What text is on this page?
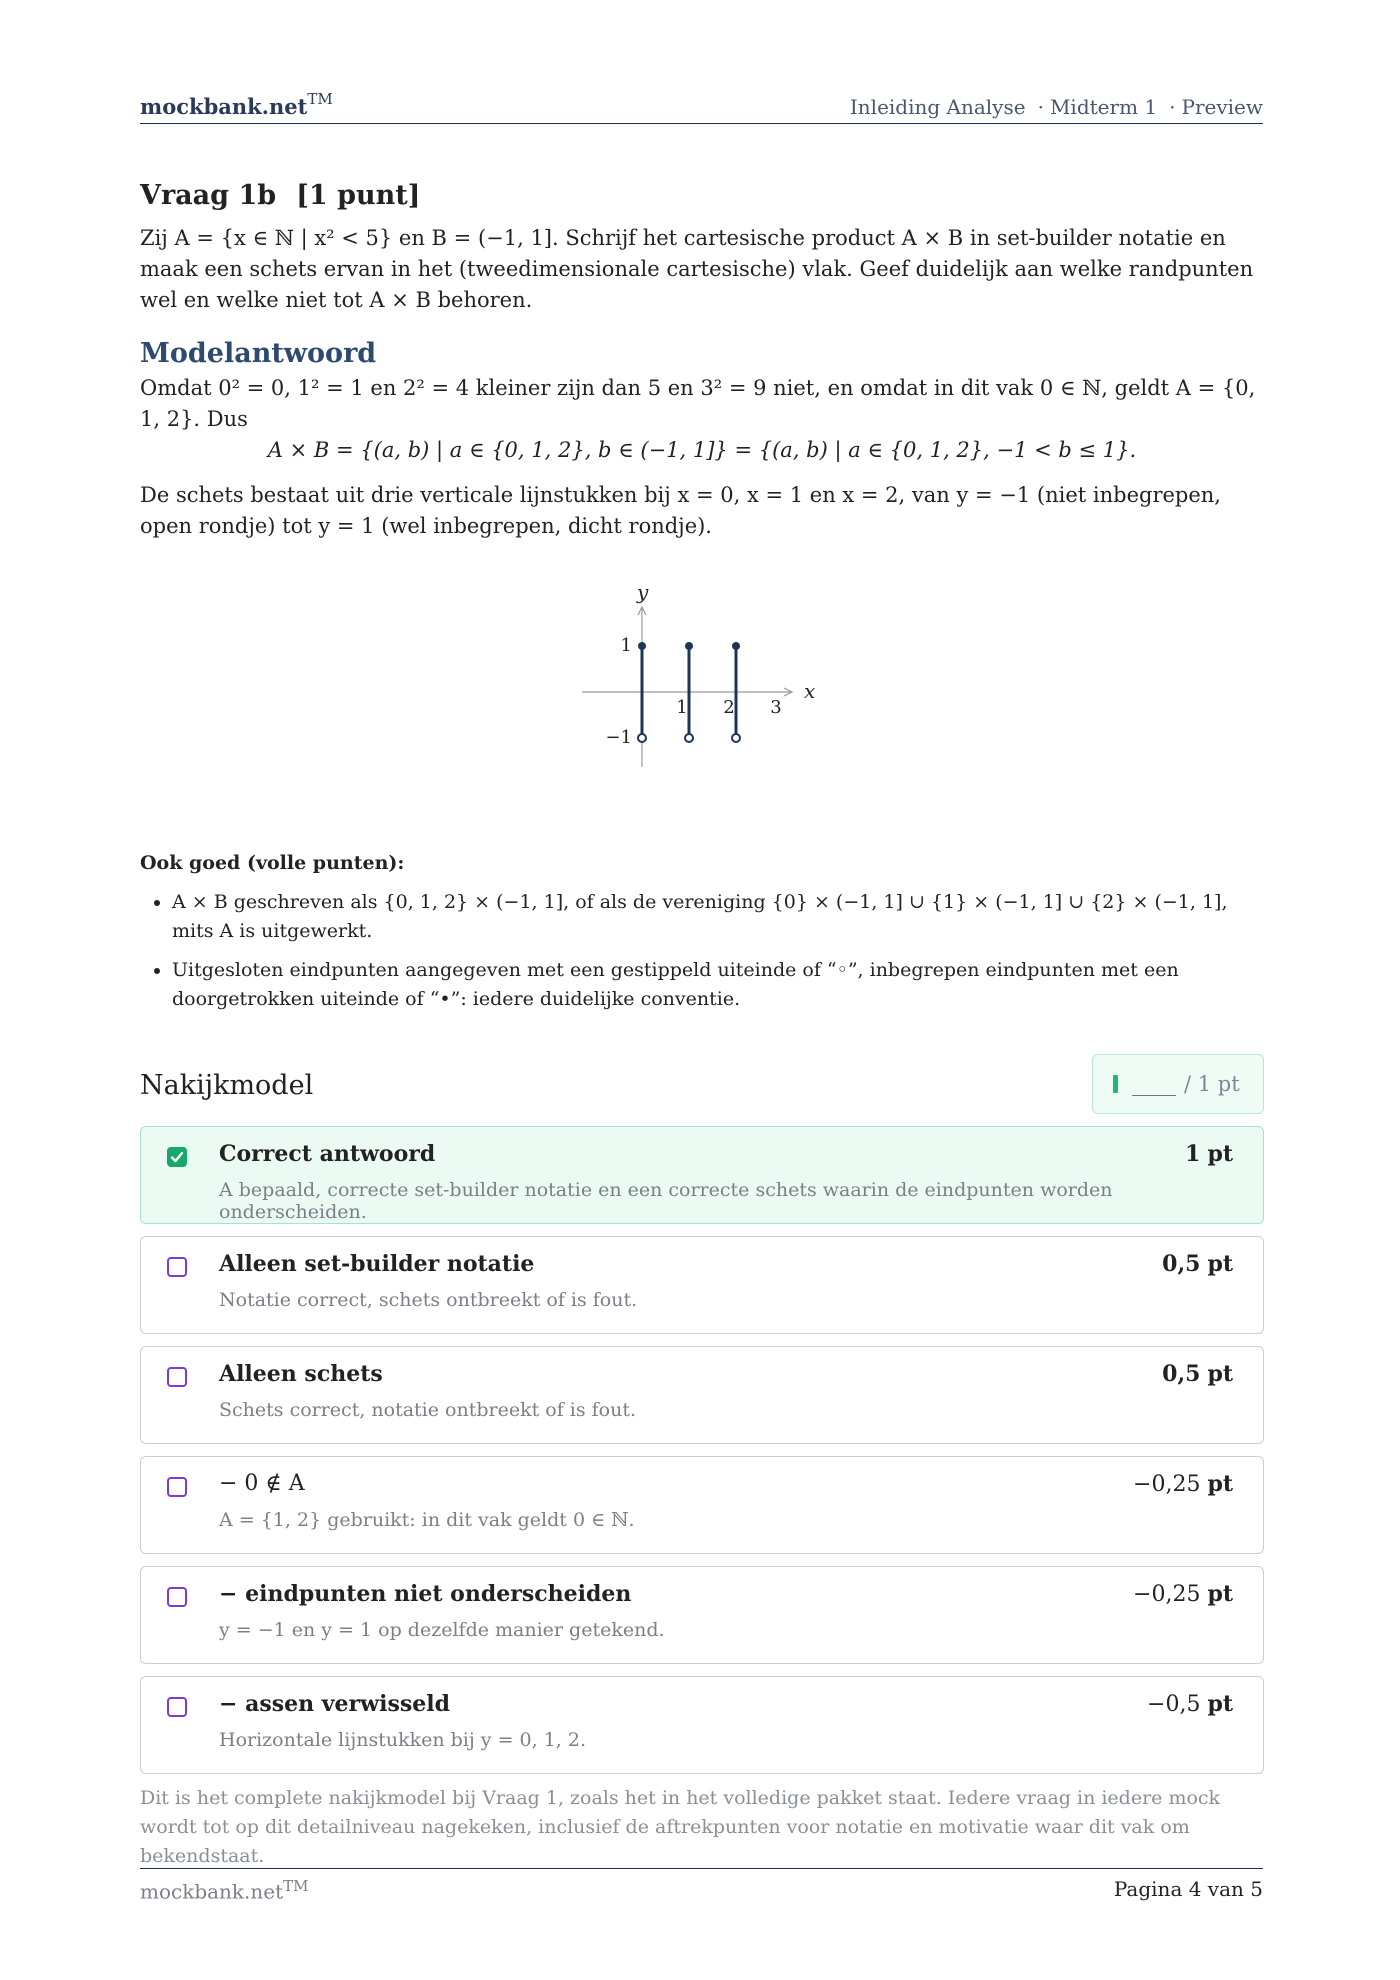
mockbank.net™	Inleiding Analyse · Midterm 1 · Preview
Vraag 1b [1 punt]

Zij A = {x ∈ ℕ | x² < 5} en B = (−1, 1]. Schrijf het cartesische product A × B in set-builder notatie en maak een schets ervan in het (tweedimensionale cartesische) vlak. Geef duidelijk aan welke randpunten wel en welke niet tot A × B behoren.

Modelantwoord

Omdat 0² = 0, 1² = 1 en 2² = 4 kleiner zijn dan 5 en 3² = 9 niet, en omdat in dit vak 0 ∈ ℕ, geldt A = {0, 1, 2}. Dus

A × B = {(a, b) | a ∈ {0, 1, 2}, b ∈ (−1, 1]} = {(a, b) | a ∈ {0, 1, 2}, −1 < b ≤ 1}.

De schets bestaat uit drie verticale lijnstukken bij x = 0, x = 1 en x = 2, van y = −1 (niet inbegrepen, open rondje) tot y = 1 (wel inbegrepen, dicht rondje).

x
y
1 2 3
1
−1
Ook goed (volle punten):
• A × B geschreven als {0, 1, 2} × (−1, 1], of als de vereniging {0} × (−1, 1] ∪ {1} × (−1, 1] ∪ {2} × (−1, 1], mits A is uitgewerkt.
• Uitgesloten eindpunten aangegeven met een gestippeld uiteinde of “◦”, inbegrepen eindpunten met een doorgetrokken uiteinde of “•”: iedere duidelijke conventie.
Nakijkmodel	/ 1 pt
Correct antwoord	1 pt
A bepaald, correcte set-builder notatie en een correcte schets waarin de eindpunten worden onderscheiden.
Alleen set-builder notatie	0,5 pt
Notatie correct, schets ontbreekt of is fout.
Alleen schets	0,5 pt
Schets correct, notatie ontbreekt of is fout.
− 0 ∉ A	−0,25 pt
A = {1, 2} gebruikt: in dit vak geldt 0 ∈ ℕ.
− eindpunten niet onderscheiden	−0,25 pt
y = −1 en y = 1 op dezelfde manier getekend.
− assen verwisseld	−0,5 pt
Horizontale lijnstukken bij y = 0, 1, 2.

Dit is het complete nakijkmodel bij Vraag 1, zoals het in het volledige pakket staat. Iedere vraag in iedere mock wordt tot op dit detailniveau nagekeken, inclusief de aftrekpunten voor notatie en motivatie waar dit vak om bekendstaat.

mockbank.net™	Pagina 4 van 5
